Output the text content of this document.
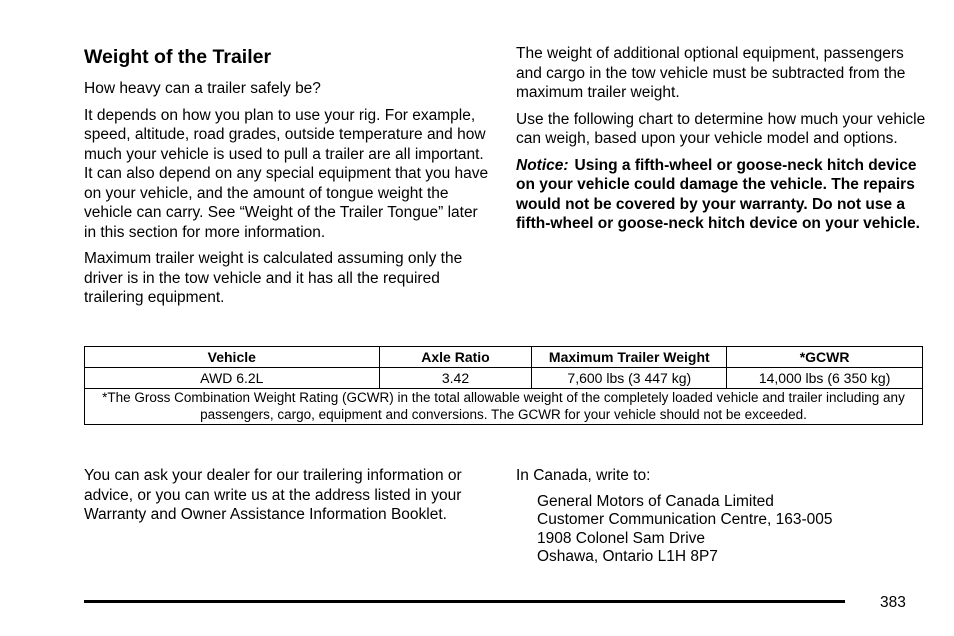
Weight of the Trailer

How heavy can a trailer safely be?

It depends on how you plan to use your rig. For example, speed, altitude, road grades, outside temperature and how much your vehicle is used to pull a trailer are all important. It can also depend on any special equipment that you have on your vehicle, and the amount of tongue weight the vehicle can carry. See “Weight of the Trailer Tongue” later in this section for more information.

Maximum trailer weight is calculated assuming only the driver is in the tow vehicle and it has all the required trailering equipment.

The weight of additional optional equipment, passengers and cargo in the tow vehicle must be subtracted from the maximum trailer weight.

Use the following chart to determine how much your vehicle can weigh, based upon your vehicle model and options.

Notice: Using a fifth-wheel or goose-neck hitch device on your vehicle could damage the vehicle. The repairs would not be covered by your warranty. Do not use a fifth-wheel or goose-neck hitch device on your vehicle.

Vehicle	Axle Ratio	Maximum Trailer Weight	*GCWR
AWD 6.2L	3.42	7,600 lbs (3 447 kg)	14,000 lbs (6 350 kg)
*The Gross Combination Weight Rating (GCWR) in the total allowable weight of the completely loaded vehicle and trailer including any passengers, cargo, equipment and conversions. The GCWR for your vehicle should not be exceeded.			

You can ask your dealer for our trailering information or advice, or you can write us at the address listed in your Warranty and Owner Assistance Information Booklet.

In Canada, write to:

General Motors of Canada Limited
Customer Communication Centre, 163-005
1908 Colonel Sam Drive
Oshawa, Ontario L1H 8P7
383
